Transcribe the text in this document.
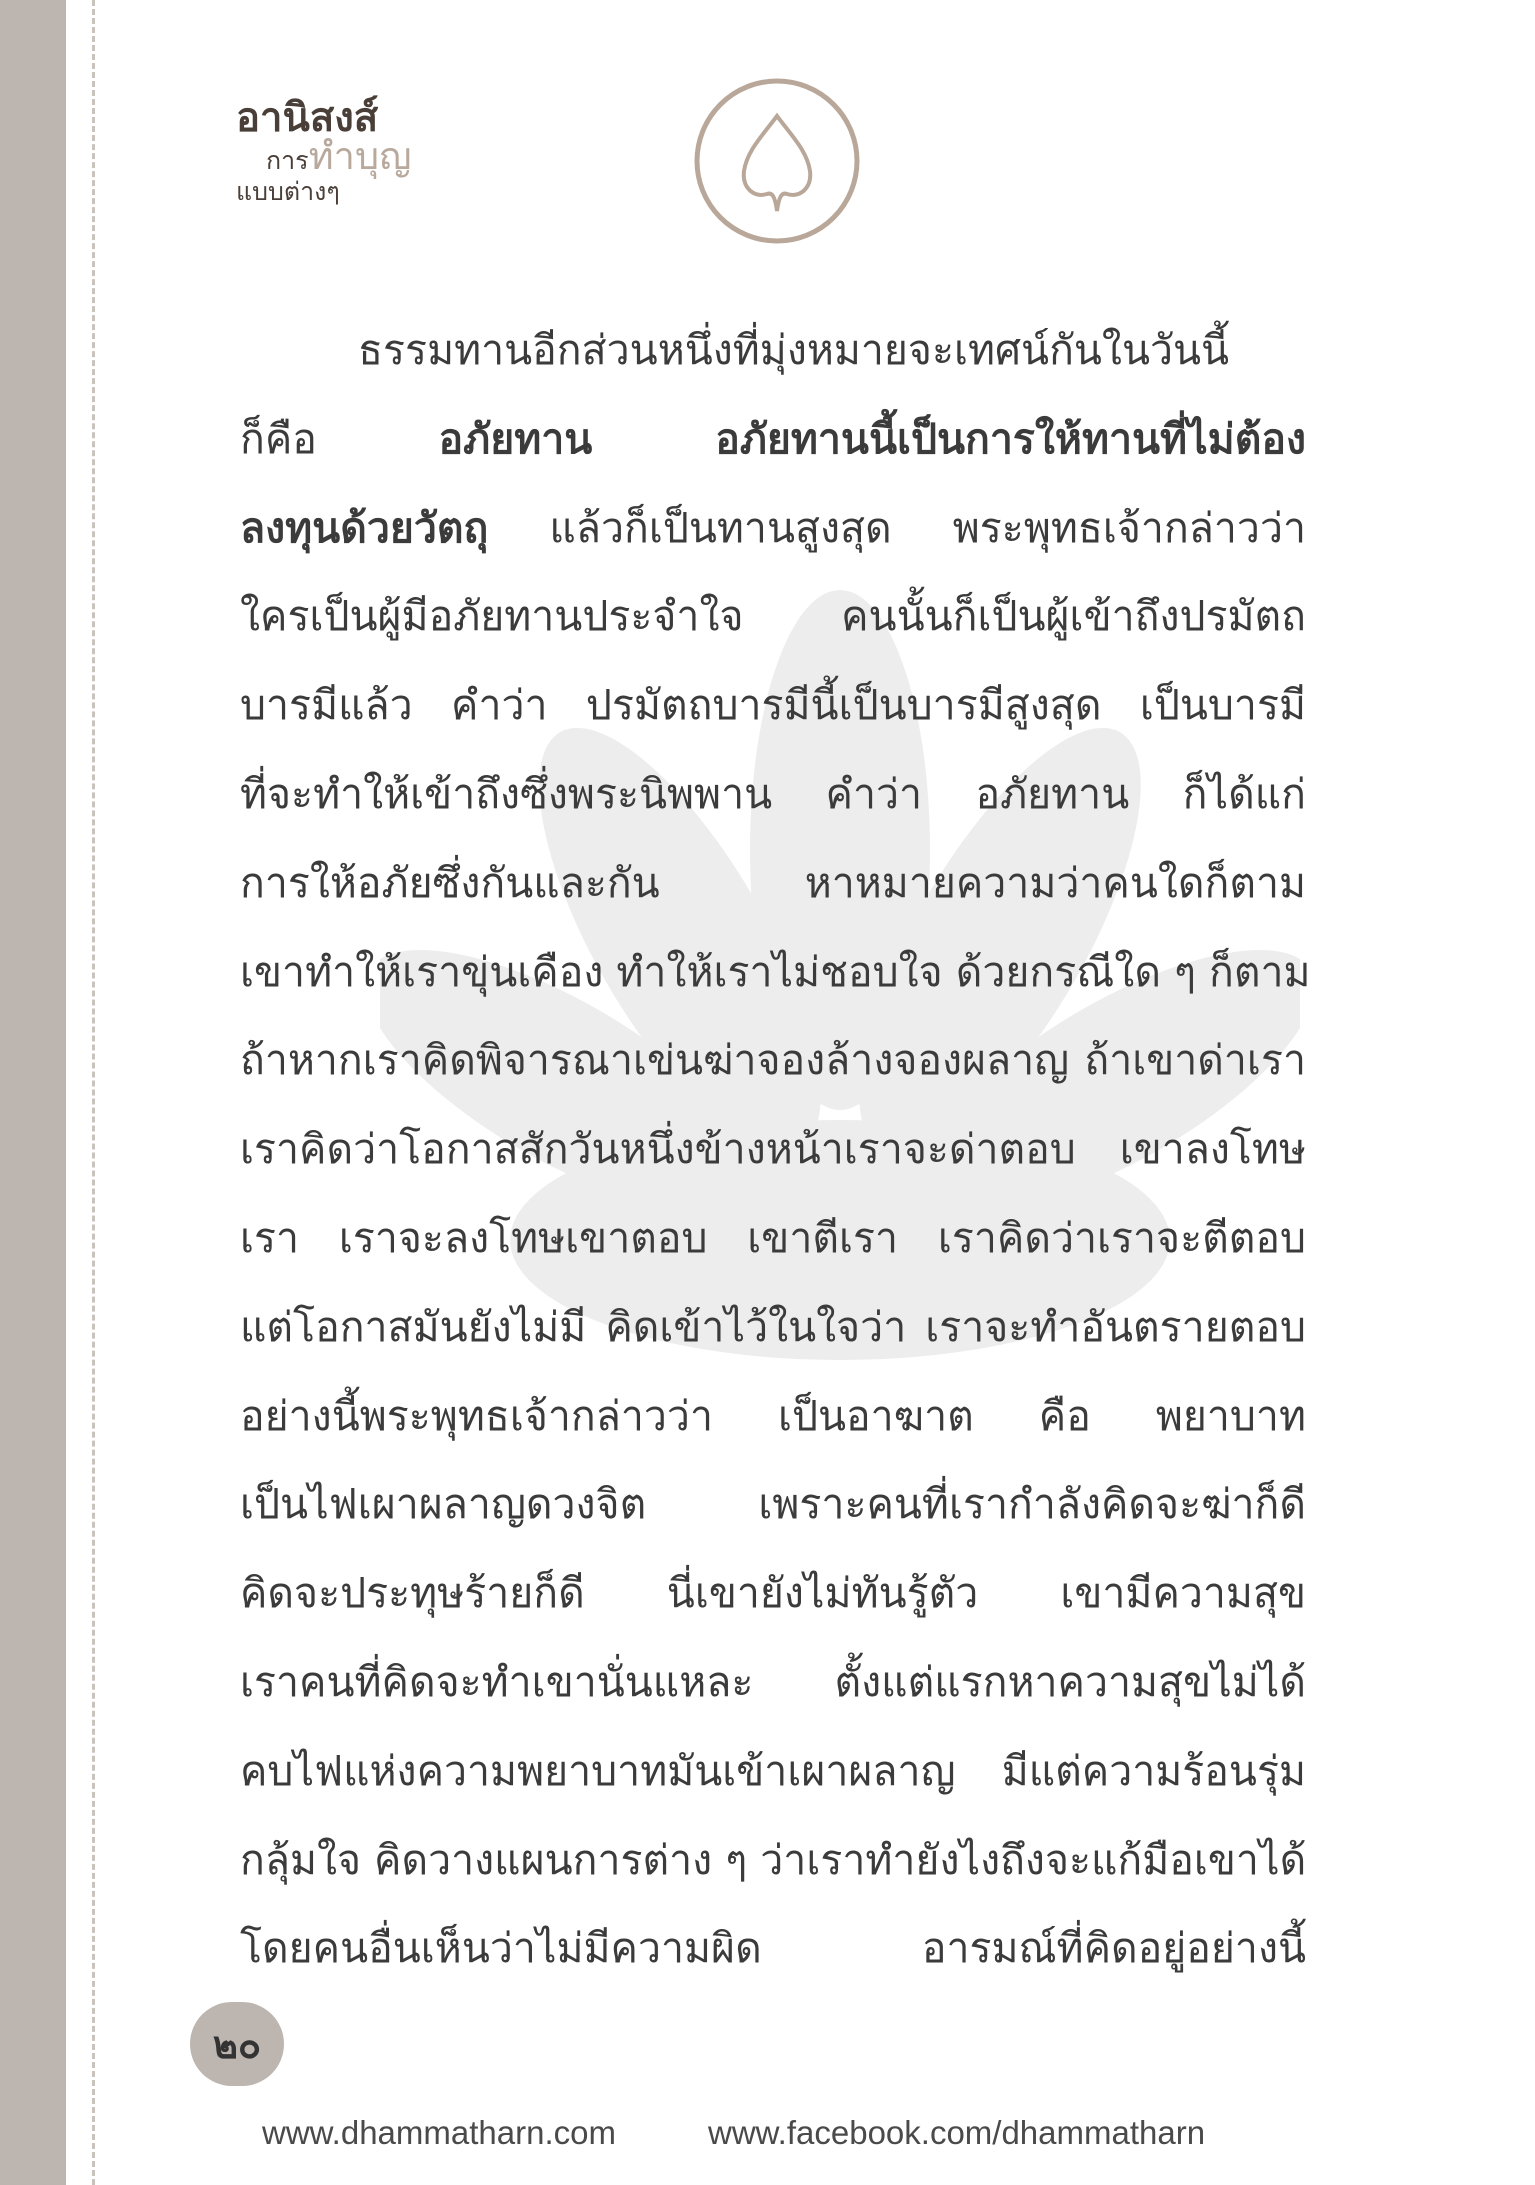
อานิสงส์
การทำบุญ
แบบต่างๆ
ธรรมทานอีกส่วนหนึ่งที่มุ่งหมายจะเทศน์กันในวันนี้
ก็คือ อภัยทาน อภัยทานนี้เป็นการให้ทานที่ไม่ต้อง
ลงทุนด้วยวัตถุ แล้วก็เป็นทานสูงสุด พระพุทธเจ้ากล่าวว่า
ใครเป็นผู้มีอภัยทานประจำใจ คนนั้นก็เป็นผู้เข้าถึงปรมัตถ
บารมีแล้ว คำว่า ปรมัตถบารมีนี้เป็นบารมีสูงสุด เป็นบารมี
ที่จะทำให้เข้าถึงซึ่งพระนิพพาน คำว่า อภัยทาน ก็ได้แก่
การให้อภัยซึ่งกันและกัน หาหมายความว่าคนใดก็ตาม
เขาทำให้เราขุ่นเคือง ทำให้เราไม่ชอบใจ ด้วยกรณีใด ๆ ก็ตาม
ถ้าหากเราคิดพิจารณาเข่นฆ่าจองล้างจองผลาญ ถ้าเขาด่าเรา
เราคิดว่าโอกาสสักวันหนึ่งข้างหน้าเราจะด่าตอบ เขาลงโทษ
เรา เราจะลงโทษเขาตอบ เขาตีเรา เราคิดว่าเราจะตีตอบ
แต่โอกาสมันยังไม่มี คิดเข้าไว้ในใจว่า เราจะทำอันตรายตอบ
อย่างนี้พระพุทธเจ้ากล่าวว่า เป็นอาฆาต คือ พยาบาท
เป็นไฟเผาผลาญดวงจิต เพราะคนที่เรากำลังคิดจะฆ่าก็ดี
คิดจะประทุษร้ายก็ดี นี่เขายังไม่ทันรู้ตัว เขามีความสุข
เราคนที่คิดจะทำเขานั่นแหละ ตั้งแต่แรกหาความสุขไม่ได้
คบไฟแห่งความพยาบาทมันเข้าเผาผลาญ มีแต่ความร้อนรุ่ม
กลุ้มใจ คิดวางแผนการต่าง ๆ ว่าเราทำยังไงถึงจะแก้มือเขาได้
โดยคนอื่นเห็นว่าไม่มีความผิด อารมณ์ที่คิดอยู่อย่างนี้
๒๐
www.dhammatharn.com	www.facebook.com/dhammatharn
